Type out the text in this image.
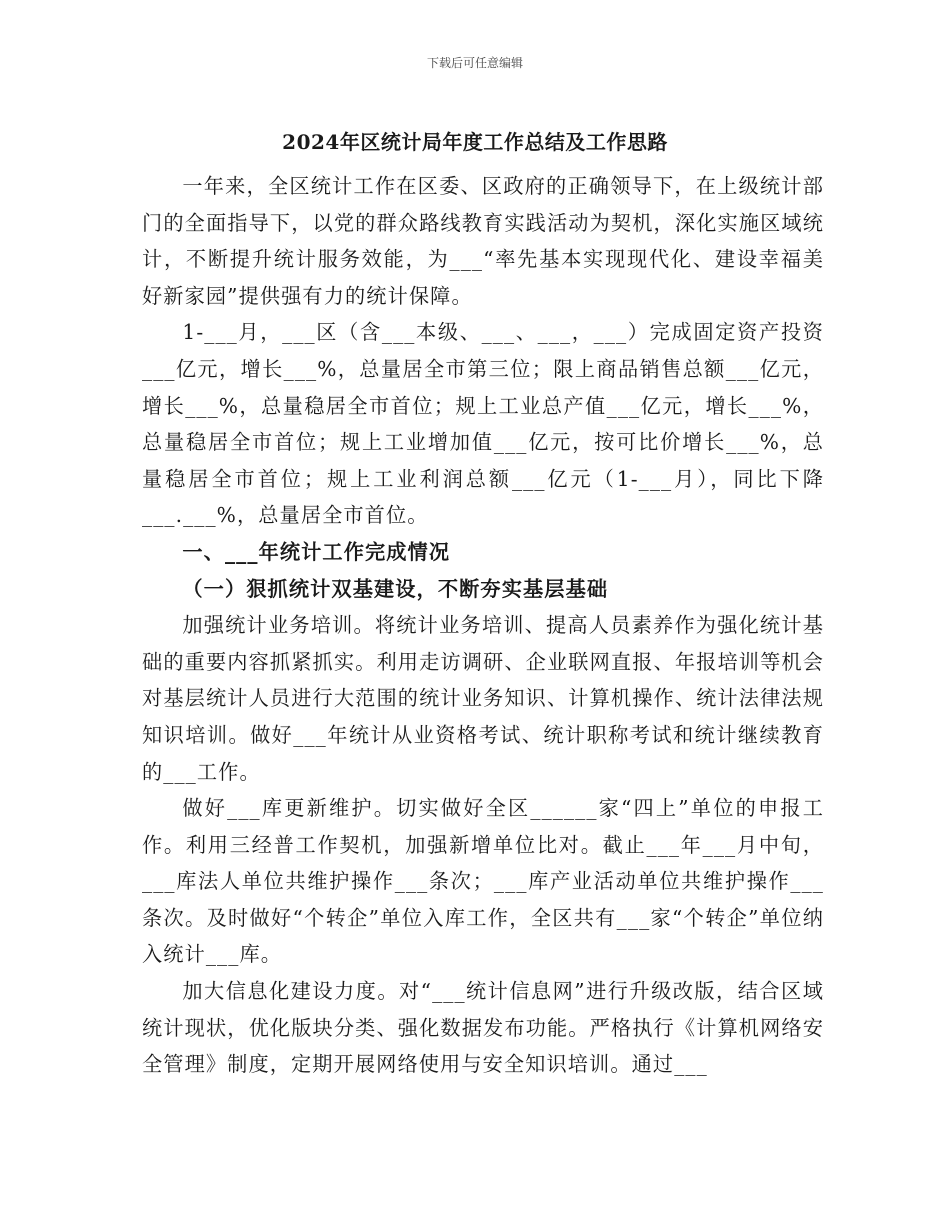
下载后可任意编辑
2024年区统计局年度工作总结及工作思路

一年来，全区统计工作在区委、区政府的正确领导下，在上级统计部门的全面指导下，以党的群众路线教育实践活动为契机，深化实施区域统计，不断提升统计服务效能，为___“率先基本实现现代化、建设幸福美好新家园”提供强有力的统计保障。

1-___月，___区（含___本级、___、___，___）完成固定资产投资___亿元，增长___%，总量居全市第三位；限上商品销售总额___亿元，增长___%，总量稳居全市首位；规上工业总产值___亿元，增长___%，总量稳居全市首位；规上工业增加值___亿元，按可比价增长___%，总量稳居全市首位；规上工业利润总额___亿元（1-___月），同比下降___.___%，总量居全市首位。

一、___年统计工作完成情况

（一）狠抓统计双基建设，不断夯实基层基础

加强统计业务培训。将统计业务培训、提高人员素养作为强化统计基础的重要内容抓紧抓实。利用走访调研、企业联网直报、年报培训等机会对基层统计人员进行大范围的统计业务知识、计算机操作、统计法律法规知识培训。做好___年统计从业资格考试、统计职称考试和统计继续教育的___工作。

做好___库更新维护。切实做好全区______家“四上”单位的申报工作。利用三经普工作契机，加强新增单位比对。截止___年___月中旬，___库法人单位共维护操作___条次；___库产业活动单位共维护操作___条次。及时做好“个转企”单位入库工作，全区共有___家“个转企”单位纳入统计___库。

加大信息化建设力度。对“___统计信息网”进行升级改版，结合区域统计现状，优化版块分类、强化数据发布功能。严格执行《计算机网络安全管理》制度，定期开展网络使用与安全知识培训。通过___
